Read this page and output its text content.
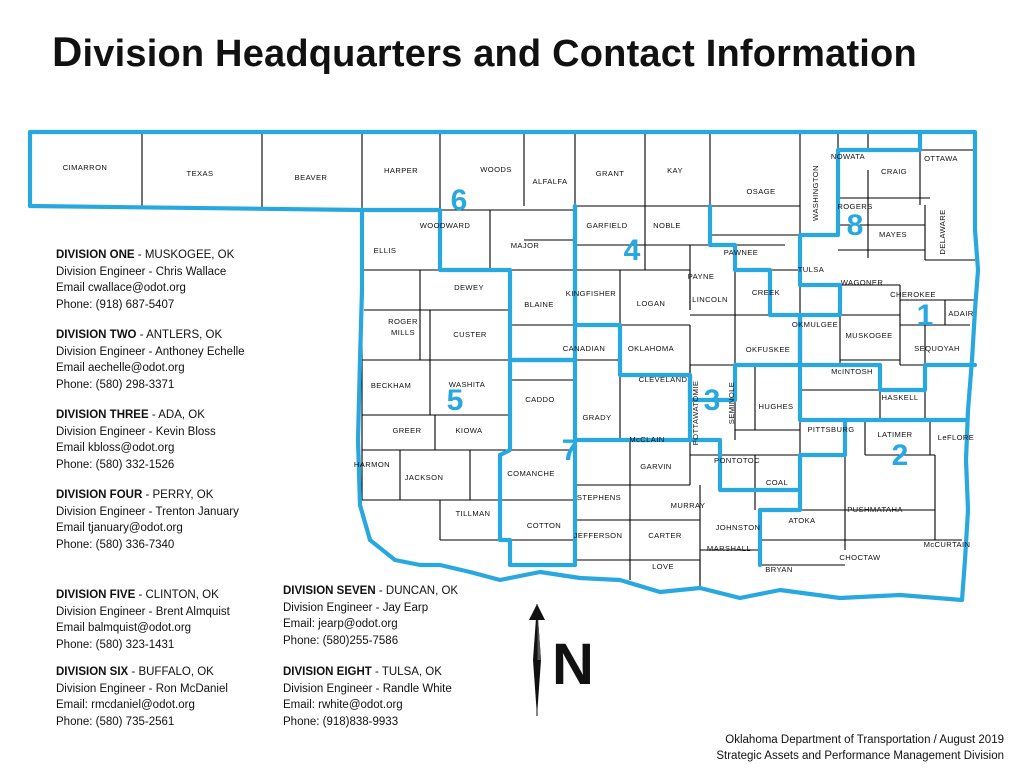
Division Headquarters and Contact Information
CIMARRON
TEXAS	BEAVER
HARPER	WOODS
ALFALFA
GRANT	KAY
OSAGE	WASHINGTON
NOWATA
CRAIG
OTTAWA
ROGERS
MAYES	DELAWARE
WOODWARD
MAJOR
GARFIELD	NOBLE
PAWNEE
TULSA
WAGONER
CHEROKEE
ELLIS
DEWEY
BLAINE
KINGFISHER
LOGAN
PAYNE
CREEK
ROGER
MILLS	CUSTER
CANADIAN	OKLAHOMA
LINCOLN
OKMULGEE
MUSKOGEE
ADAIR
SEQUOYAH
OKFUSKEE
McINTOSH
BECKHAM	WASHITA
CADDO
GRADY
CLEVELAND
POTTAWATOMIE	SEMINOLE	HUGHES
HASKELL
PITTSBURG
LATIMER	LeFLORE
GREER	KIOWA
HARMON
JACKSON	COMANCHE
McCLAIN
GARVIN
PONTOTOC
COAL
TILLMAN
COTTON
STEPHENS
MURRAY
JOHNSTON
ATOKA
PUSHMATAHA
McCURTAIN
JEFFERSON	CARTER
MARSHALL
LOVE	BRYAN
CHOCTAW
1
2
3
4
5
6
7
8
DIVISION ONE - MUSKOGEE, OK
Division Engineer - Chris Wallace
Email cwallace@odot.org
Phone: (918) 687-5407
DIVISION TWO - ANTLERS, OK
Division Engineer - Anthoney Echelle
Email aechelle@odot.org
Phone: (580) 298-3371
DIVISION THREE - ADA, OK
Division Engineer - Kevin Bloss
Email kbloss@odot.org
Phone: (580) 332-1526
DIVISION FOUR - PERRY, OK
Division Engineer - Trenton January
Email tjanuary@odot.org
Phone: (580) 336-7340
DIVISION FIVE - CLINTON, OK
Division Engineer - Brent Almquist
Email balmquist@odot.org
Phone: (580) 323-1431
DIVISION SIX - BUFFALO, OK
Division Engineer - Ron McDaniel
Email: rmcdaniel@odot.org
Phone: (580) 735-2561
DIVISION SEVEN - DUNCAN, OK
Division Engineer - Jay Earp
Email: jearp@odot.org
Phone: (580)255-7586
DIVISION EIGHT - TULSA, OK
Division Engineer - Randle White
Email: rwhite@odot.org
Phone: (918)838-9933
N
Oklahoma Department of Transportation / August 2019
Strategic Assets and Performance Management Division
